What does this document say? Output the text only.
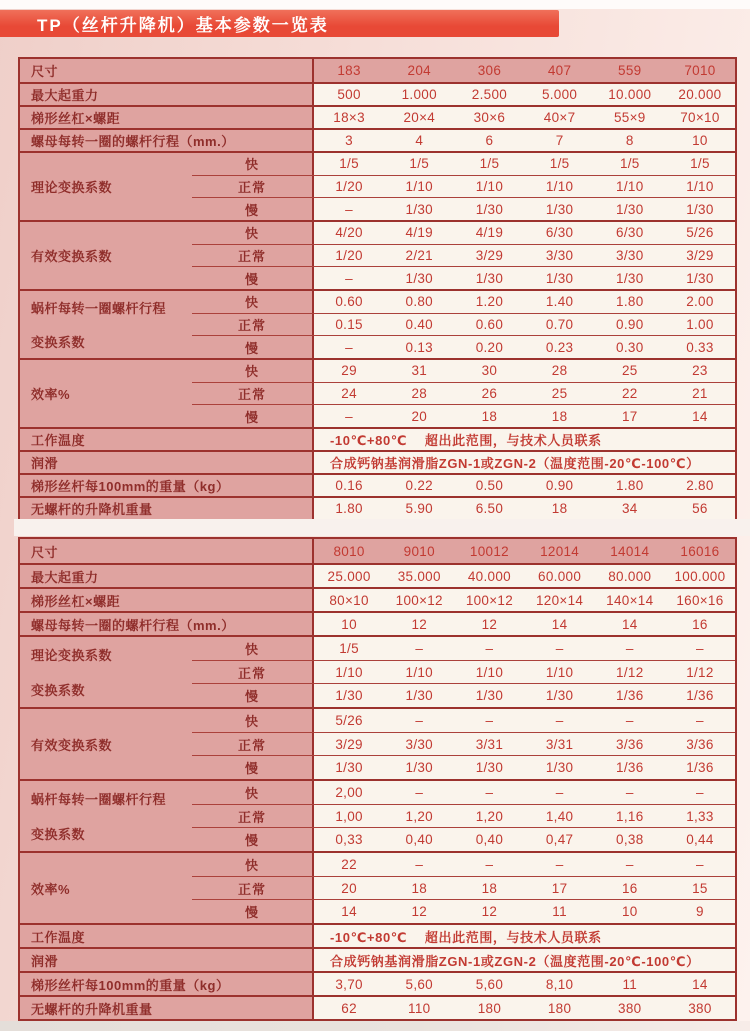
TP（丝杆升降机）基本参数一览表
尺寸	183	204	306	407	559	7010
最大起重力	500	1.000	2.500	5.000	10.000	20.000
梯形丝杠×螺距	18×3	20×4	30×6	40×7	55×9	70×10
螺母每转一圈的螺杆行程（mm.）	3	4	6	7	8	10
理论变换系数
快	1/5	1/5	1/5	1/5	1/5	1/5
正常	1/20	1/10	1/10	1/10	1/10	1/10
慢	–	1/30	1/30	1/30	1/30	1/30
有效变换系数
快	4/20	4/19	4/19	6/30	6/30	5/26
正常	1/20	2/21	3/29	3/30	3/30	3/29
慢	–	1/30	1/30	1/30	1/30	1/30
蜗杆每转一圈螺杆行程
变换系数
快	0.60	0.80	1.20	1.40	1.80	2.00
正常	0.15	0.40	0.60	0.70	0.90	1.00
慢	–	0.13	0.20	0.23	0.30	0.33
效率%
快	29	31	30	28	25	23
正常	24	28	26	25	22	21
慢	–	20	18	18	17	14
工作温度	-10℃+80℃　 超出此范围，与技术人员联系
润滑	合成钙钠基润滑脂ZGN-1或ZGN-2（温度范围-20℃-100℃）
梯形丝杆每100mm的重量（kg）	0.16	0.22	0.50	0.90	1.80	2.80
无螺杆的升降机重量	1.80	5.90	6.50	18	34	56
尺寸	8010	9010	10012	12014	14014	16016
最大起重力	25.000	35.000	40.000	60.000	80.000	100.000
梯形丝杠×螺距	80×10	100×12	100×12	120×14	140×14	160×16
螺母每转一圈的螺杆行程（mm.）	10	12	12	14	14	16
理论变换系数
变换系数
快	1/5	–	–	–	–	–
正常	1/10	1/10	1/10	1/10	1/12	1/12
慢	1/30	1/30	1/30	1/30	1/36	1/36
有效变换系数
快	5/26	–	–	–	–	–
正常	3/29	3/30	3/31	3/31	3/36	3/36
慢	1/30	1/30	1/30	1/30	1/36	1/36
蜗杆每转一圈螺杆行程
变换系数
快	2,00	–	–	–	–	–
正常	1,00	1,20	1,20	1,40	1,16	1,33
慢	0,33	0,40	0,40	0,47	0,38	0,44
效率%
快	22	–	–	–	–	–
正常	20	18	18	17	16	15
慢	14	12	12	11	10	9
工作温度	-10℃+80℃　 超出此范围，与技术人员联系
润滑	合成钙钠基润滑脂ZGN-1或ZGN-2（温度范围-20℃-100℃）
梯形丝杆每100mm的重量（kg）	3,70	5,60	5,60	8,10	11	14
无螺杆的升降机重量	62	110	180	180	380	380
